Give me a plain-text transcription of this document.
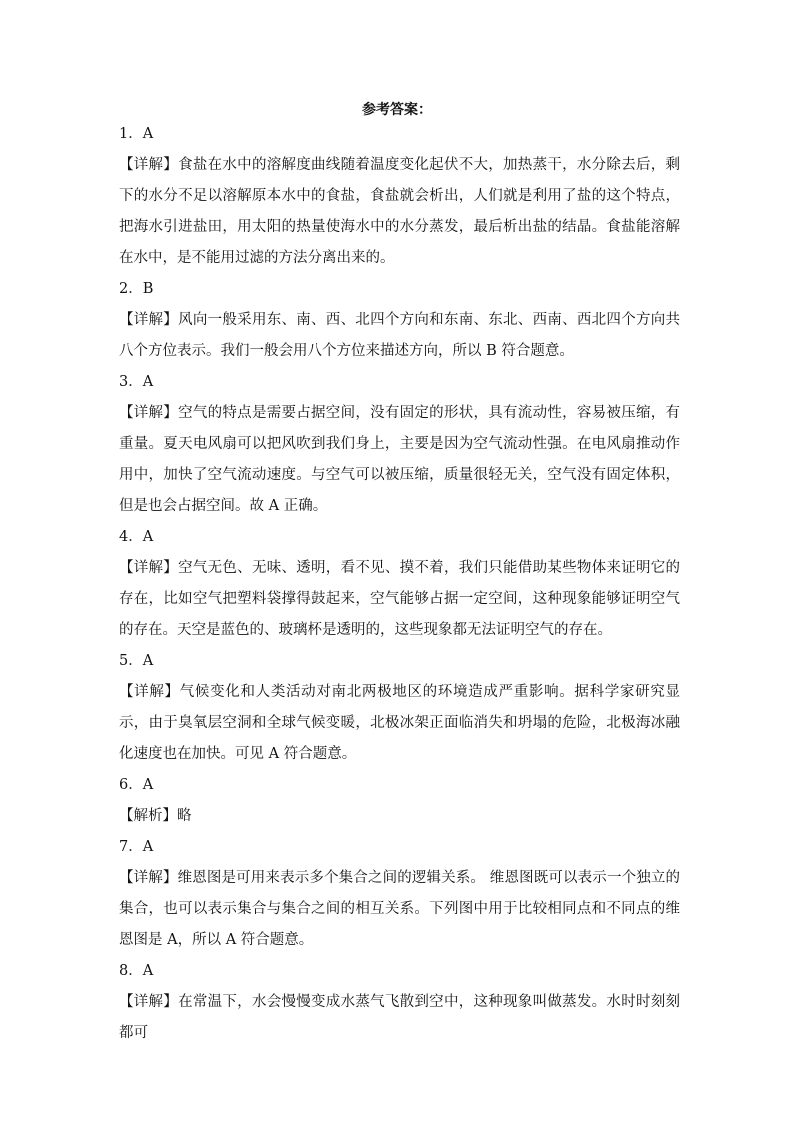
参考答案：
1．A
【详解】食盐在水中的溶解度曲线随着温度变化起伏不大，加热蒸干，水分除去后，剩下的水分不足以溶解原本水中的食盐，食盐就会析出，人们就是利用了盐的这个特点，把海水引进盐田，用太阳的热量使海水中的水分蒸发，最后析出盐的结晶。食盐能溶解在水中，是不能用过滤的方法分离出来的。
2．B
【详解】风向一般采用东、南、西、北四个方向和东南、东北、西南、西北四个方向共八个方位表示。我们一般会用八个方位来描述方向，所以 B 符合题意。
3．A
【详解】空气的特点是需要占据空间，没有固定的形状，具有流动性，容易被压缩，有重量。夏天电风扇可以把风吹到我们身上，主要是因为空气流动性强。在电风扇推动作用中，加快了空气流动速度。与空气可以被压缩，质量很轻无关，空气没有固定体积，但是也会占据空间。故 A 正确。
4．A
【详解】空气无色、无味、透明，看不见、摸不着，我们只能借助某些物体来证明它的存在，比如空气把塑料袋撑得鼓起来，空气能够占据一定空间，这种现象能够证明空气的存在。天空是蓝色的、玻璃杯是透明的，这些现象都无法证明空气的存在。
5．A
【详解】气候变化和人类活动对南北两极地区的环境造成严重影响。据科学家研究显示，由于臭氧层空洞和全球气候变暖，北极冰架正面临消失和坍塌的危险，北极海冰融化速度也在加快。可见 A 符合题意。
6．A
【解析】略
7．A
【详解】维恩图是可用来表示多个集合之间的逻辑关系。 维恩图既可以表示一个独立的集合，也可以表示集合与集合之间的相互关系。下列图中用于比较相同点和不同点的维恩图是 A，所以 A 符合题意。
8．A
【详解】在常温下，水会慢慢变成水蒸气飞散到空中，这种现象叫做蒸发。水时时刻刻都可
